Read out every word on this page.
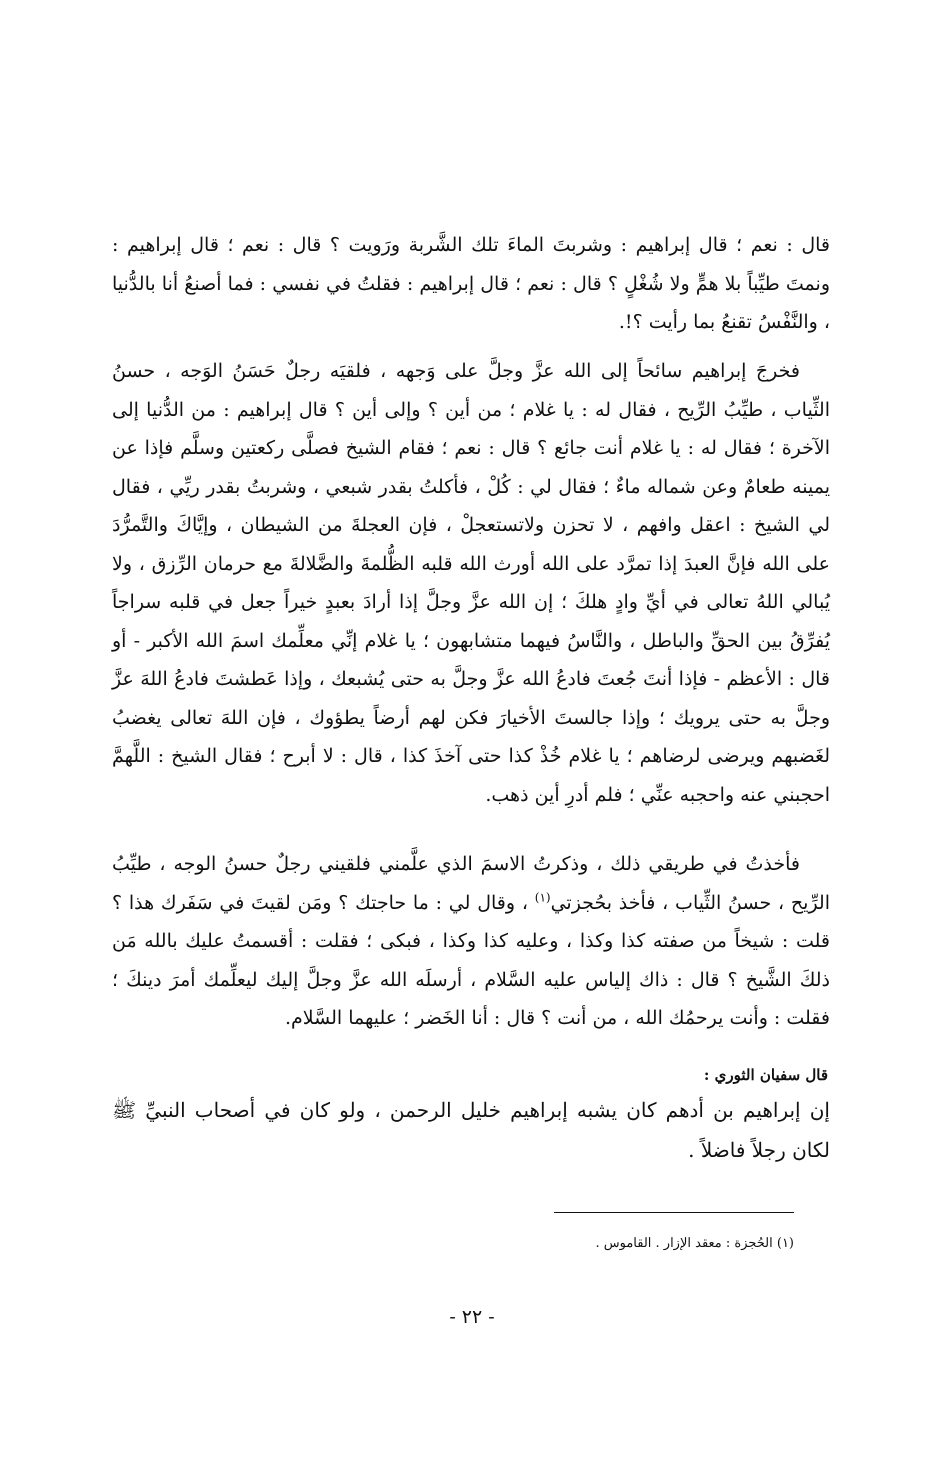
قال : نعم ؛ قال إبراهيم : وشربتَ الماءَ تلك الشَّربة ورَويت ؟ قال : نعم ؛ قال إبراهيم : ونمتَ طيِّباً بلا همٍّ ولا شُغْلٍ ؟ قال : نعم ؛ قال إبراهيم : فقلتُ في نفسي : فما أصنعُ أنا بالدُّنيا ، والنَّفْسُ تقنعُ بما رأيت ؟!.

فخرجَ إبراهيم سائحاً إلى الله عزَّ وجلَّ على وَجهه ، فلقيَه رجلٌ حَسَنُ الوَجه ، حسنُ الثِّياب ، طيِّبُ الرِّيح ، فقال له : يا غلام ؛ من أين ؟ وإلى أين ؟ قال إبراهيم : من الدُّنيا إلى الآخرة ؛ فقال له : يا غلام أنت جائع ؟ قال : نعم ؛ فقام الشيخ فصلَّى ركعتين وسلَّم فإذا عن يمينه طعامٌ وعن شماله ماءٌ ؛ فقال لي : كُلْ ، فأكلتُ بقدر شبعي ، وشربتُ بقدر ريِّي ، فقال لي الشيخ : اعقل وافهم ، لا تحزن ولاتستعجلْ ، فإن العجلةَ من الشيطان ، وإيَّاكَ والتَّمرُّدَ على الله فإنَّ العبدَ إذا تمرَّد على الله أورث الله قلبه الظُّلمةَ والضَّلالةَ مع حرمان الرِّزق ، ولا يُبالي اللهُ تعالى في أيِّ وادٍ هلكَ ؛ إن الله عزَّ وجلَّ إذا أرادَ بعبدٍ خيراً جعل في قلبه سراجاً يُفرِّقُ بين الحقِّ والباطل ، والنَّاسُ فيهما متشابهون ؛ يا غلام إنِّي معلِّمك اسمَ الله الأكبر - أو قال : الأعظم - فإذا أنتَ جُعتَ فادعُ الله عزَّ وجلَّ به حتى يُشبعك ، وإذا عَطشتَ فادعُ اللهَ عزَّ وجلَّ به حتى يرويك ؛ وإذا جالستَ الأخيارَ فكن لهم أرضاً يطؤوك ، فإن اللهَ تعالى يغضبُ لغَضبهم ويرضى لرضاهم ؛ يا غلام خُذْ كذا حتى آخذَ كذا ، قال : لا أبرح ؛ فقال الشيخ : اللَّهمَّ احجبني عنه واحجبه عنِّي ؛ فلم أدرِ أين ذهب.

فأخذتُ في طريقي ذلك ، وذكرتُ الاسمَ الذي علَّمني فلقيني رجلٌ حسنُ الوجه ، طيِّبُ الرِّيح ، حسنُ الثِّياب ، فأخذ بحُجزتي$^{(١)}$ ، وقال لي : ما حاجتك ؟ ومَن لقيتَ في سَفَرك هذا ؟ قلت : شيخاً من صفته كذا وكذا ، وعليه كذا وكذا ، فبكى ؛ فقلت : أقسمتُ عليك بالله مَن ذلكَ الشَّيخ ؟ قال : ذاك إلياس عليه السَّلام ، أرسلَه الله عزَّ وجلَّ إليك ليعلِّمك أمرَ دينكَ ؛ فقلت : وأنت يرحمُك الله ، من أنت ؟ قال : أنا الخَضر ؛ عليهما السَّلام.

قال سفيان الثوري :

إن إبراهيم بن أدهم كان يشبه إبراهيم خليل الرحمن ، ولو كان في أصحاب النبيِّ ﷺ لكان رجلاً فاضلاً .

(١) الحُجزة : معقد الإزار . القاموس .

- ٢٢ -
